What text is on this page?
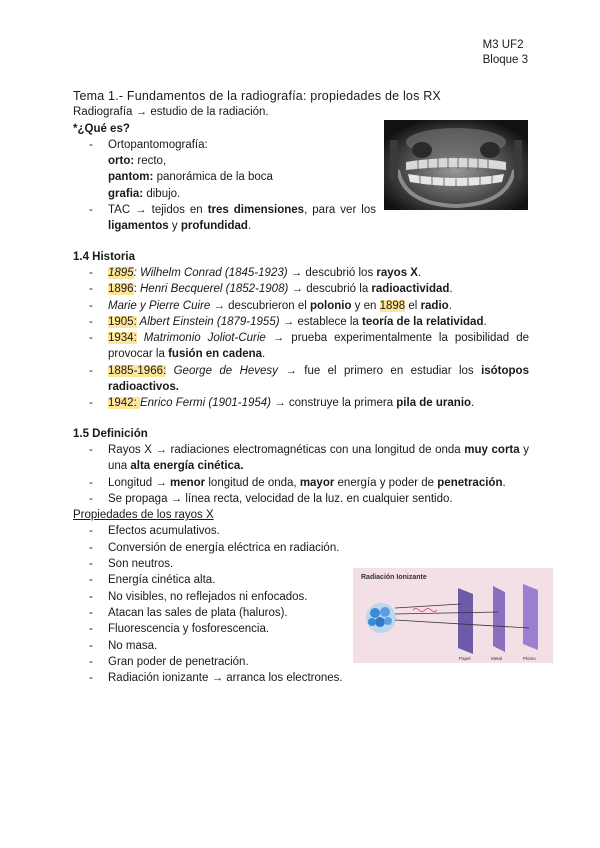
M3 UF2
Bloque 3
Radiación Ionizante
Papel	Metal	Plomo
Tema 1.- Fundamentos de la radiografía: propiedades de los RX
Radiografía → estudio de la radiación.
*¿Qué es?
- Ortopantomografía:
orto: recto,
pantom: panorámica de la boca
grafia: dibujo.
- TAC → tejidos en tres dimensiones, para ver los ligamentos y profundidad.
1.4 Historia
- 1895: Wilhelm Conrad (1845-1923) → descubrió los rayos X.
- 1896: Henri Becquerel (1852-1908) → descubrió la radioactividad.
- Marie y Pierre Cuire → descubrieron el polonio y en 1898 el radio.
- 1905: Albert Einstein (1879-1955) → establece la teoría de la relatividad.
- 1934: Matrimonio Joliot-Curie → prueba experimentalmente la posibilidad de provocar la fusión en cadena.
- 1885-1966: George de Hevesy → fue el primero en estudiar los isótopos radioactivos.
- 1942: Enrico Fermi (1901-1954) → construye la primera pila de uranio.
1.5 Definición
- Rayos X → radiaciones electromagnéticas con una longitud de onda muy corta y una alta energía cinética.
- Longitud → menor longitud de onda, mayor energía y poder de penetración.
- Se propaga → línea recta, velocidad de la luz. en cualquier sentido.
Propiedades de los rayos X
- Efectos acumulativos.
- Conversión de energía eléctrica en radiación.
- Son neutros.
- Energía cinética alta.
- No visibles, no reflejados ni enfocados.
- Atacan las sales de plata (haluros).
- Fluorescencia y fosforescencia.
- No masa.
- Gran poder de penetración.
- Radiación ionizante → arranca los electrones.
